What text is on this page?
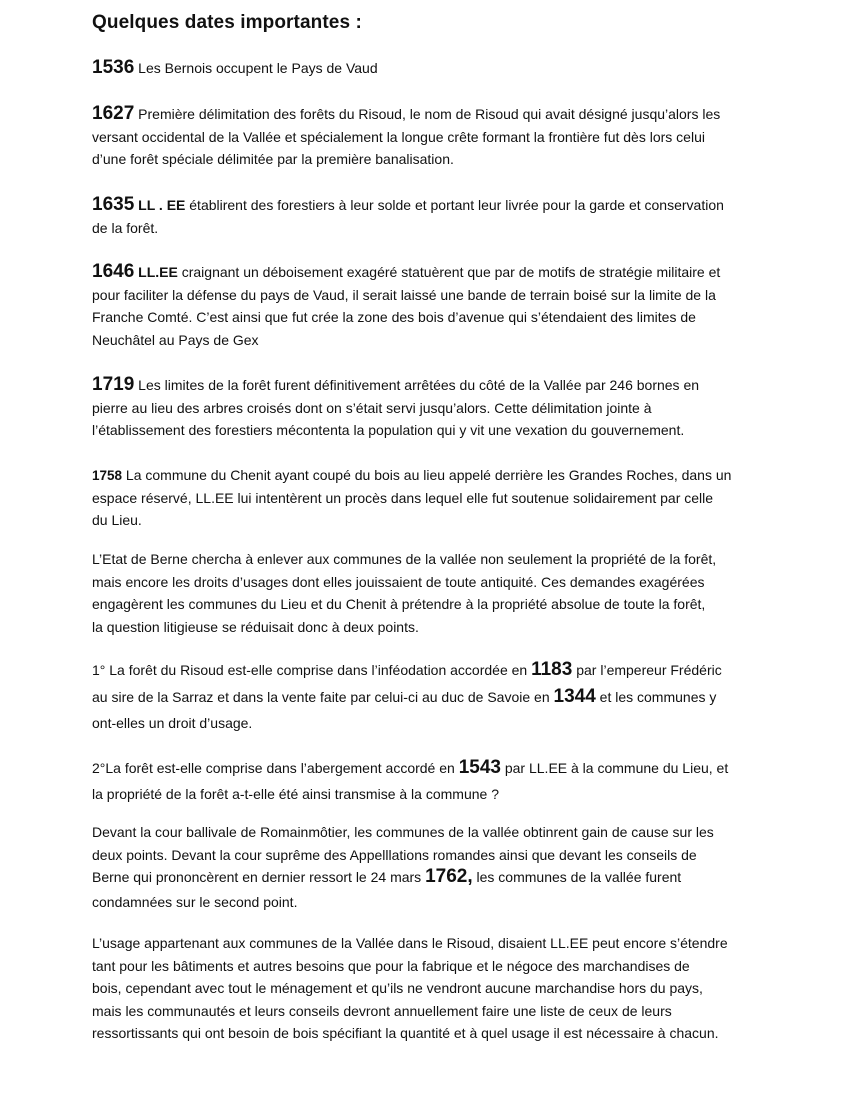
Quelques dates importantes :
1536 Les Bernois occupent le Pays de Vaud
1627 Première délimitation des forêts du Risoud, le nom de Risoud qui avait désigné jusqu’alors les
versant occidental de la Vallée et spécialement la longue crête formant la frontière fut dès lors celui
d’une forêt spéciale délimitée par la première banalisation.
1635 LL . EE établirent des forestiers à leur solde et portant leur livrée pour la garde et conservation
de la forêt.
1646 LL.EE craignant un déboisement exagéré statuèrent que par de motifs de stratégie militaire et
pour faciliter la défense du pays de Vaud, il serait laissé une bande de terrain boisé sur la limite de la
Franche Comté. C’est ainsi que fut crée la zone des bois d’avenue qui s’étendaient des limites de
Neuchâtel au Pays de Gex
1719 Les limites de la forêt furent définitivement arrêtées du côté de la Vallée par 246 bornes en
pierre au lieu des arbres croisés dont on s’était servi jusqu’alors. Cette délimitation jointe à
l’établissement des forestiers mécontenta la population qui y vit une vexation du gouvernement.
1758 La commune du Chenit ayant coupé du bois au lieu appelé derrière les Grandes Roches, dans un
espace réservé, LL.EE lui intentèrent un procès dans lequel elle fut soutenue solidairement par celle
du Lieu.
L’Etat de Berne chercha à enlever aux communes de la vallée non seulement la propriété de la forêt,
mais encore les droits d’usages dont elles jouissaient de toute antiquité. Ces demandes exagérées
engagèrent les communes du Lieu et du Chenit à prétendre à la propriété absolue de toute la forêt,
la question litigieuse se réduisait donc à deux points.
1° La forêt du Risoud est-elle comprise dans l’inféodation accordée en 1183 par l’empereur Frédéric
au sire de la Sarraz et dans la vente faite par celui-ci au duc de Savoie en 1344 et les communes y
ont-elles un droit d’usage.
2°La forêt est-elle comprise dans l’abergement accordé en 1543 par LL.EE à la commune du Lieu, et
la propriété de la forêt a-t-elle été ainsi transmise à la commune ?
Devant la cour ballivale de Romainmôtier, les communes de la vallée obtinrent gain de cause sur les
deux points. Devant la cour suprême des Appelllations romandes ainsi que devant les conseils de
Berne qui prononcèrent en dernier ressort le 24 mars 1762, les communes de la vallée furent
condamnées sur le second point.
L’usage appartenant aux communes de la Vallée dans le Risoud, disaient LL.EE peut encore s’étendre
tant pour les bâtiments et autres besoins que pour la fabrique et le négoce des marchandises de
bois, cependant avec tout le ménagement et qu’ils ne vendront aucune marchandise hors du pays,
mais les communautés et leurs conseils devront annuellement faire une liste de ceux de leurs
ressortissants qui ont besoin de bois spécifiant la quantité et à quel usage il est nécessaire à chacun.
